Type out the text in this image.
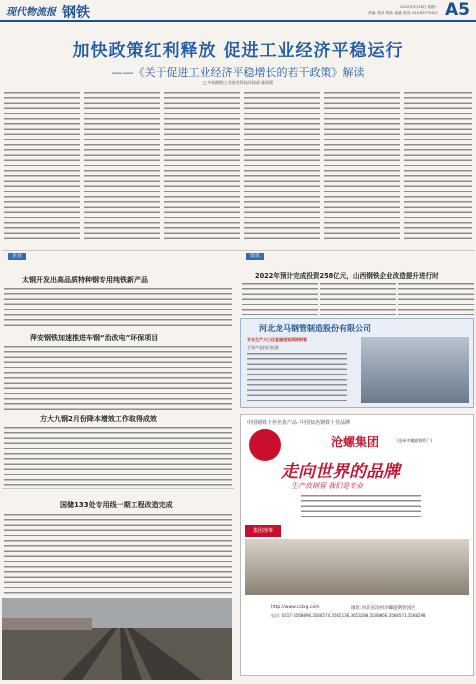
现代物流报 钢铁	2022年3月28日 星期一
责编: 张洋 审读: 郝嘉 电话: 010-83775421 A5
加快政策红利释放 促进工业经济平稳运行
——《关于促进工业经济平稳增长的若干政策》解读
□ 中国钢铁工业协会科技环保部 陈海莉
企业	知讯
太钢开发出高品质特种钢专用纯铁新产品
萍安钢铁加速推进车钢“治改电”环保项目
方大九钢2月份降本增效工作取得成效
国储133处专用线一期工程改造完成
2022年预计完成投资258亿元，山西钢铁企业改造提升进行时
河北龙马钢管制造股份有限公司
专业生产大口径直缝埋弧焊接钢管
主导产品执行标准
中国钢铁十佳名优产品· 中国知名钢铁十佳品牌
沧螺集团	(沧州市螺旋钢管厂)
走向世界的品牌
生产放钢管 我们是专业
集团理事
http://www.czlxg.com	地址:河北省沧州市螺旋钢管园区
电话: 0317-3568896,3568574,3565136,3053288,3508866,3568573,3568298
